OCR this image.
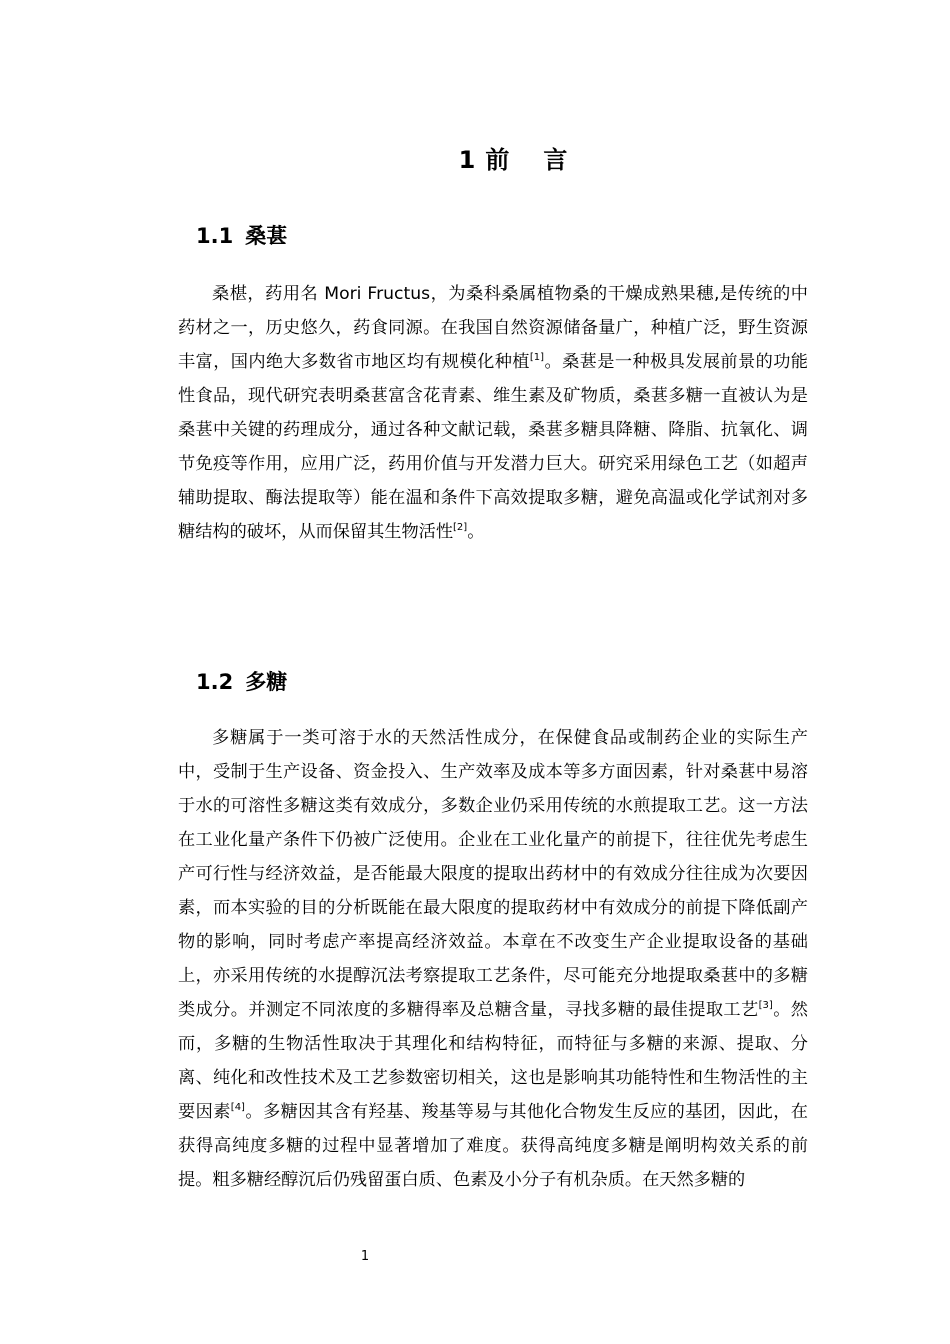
1 前 言
1.1 桑葚

桑椹，药用名 Mori Fructus，为桑科桑属植物桑的干燥成熟果穗,是传统的中药材之一，历史悠久，药食同源。在我国自然资源储备量广，种植广泛，野生资源丰富，国内绝大多数省市地区均有规模化种植[1]。桑葚是一种极具发展前景的功能性食品，现代研究表明桑葚富含花青素、维生素及矿物质，桑葚多糖一直被认为是桑葚中关键的药理成分，通过各种文献记载，桑葚多糖具降糖、降脂、抗氧化、调节免疫等作用，应用广泛，药用价值与开发潜力巨大。研究采用绿色工艺（如超声辅助提取、酶法提取等）能在温和条件下高效提取多糖，避免高温或化学试剂对多糖结构的破坏，从而保留其生物活性[2]。

1.2 多糖

多糖属于一类可溶于水的天然活性成分，在保健食品或制药企业的实际生产中，受制于生产设备、资金投入、生产效率及成本等多方面因素，针对桑葚中易溶于水的可溶性多糖这类有效成分，多数企业仍采用传统的水煎提取工艺。这一方法在工业化量产条件下仍被广泛使用。企业在工业化量产的前提下，往往优先考虑生产可行性与经济效益，是否能最大限度的提取出药材中的有效成分往往成为次要因素，而本实验的目的分析既能在最大限度的提取药材中有效成分的前提下降低副产物的影响，同时考虑产率提高经济效益。本章在不改变生产企业提取设备的基础上，亦采用传统的水提醇沉法考察提取工艺条件，尽可能充分地提取桑葚中的多糖类成分。并测定不同浓度的多糖得率及总糖含量，寻找多糖的最佳提取工艺[3]。然而，多糖的生物活性取决于其理化和结构特征，而特征与多糖的来源、提取、分离、纯化和改性技术及工艺参数密切相关，这也是影响其功能特性和生物活性的主要因素[4]。多糖因其含有羟基、羧基等易与其他化合物发生反应的基团，因此，在获得高纯度多糖的过程中显著增加了难度。获得高纯度多糖是阐明构效关系的前提。粗多糖经醇沉后仍残留蛋白质、色素及小分子有机杂质。在天然多糖的

1
